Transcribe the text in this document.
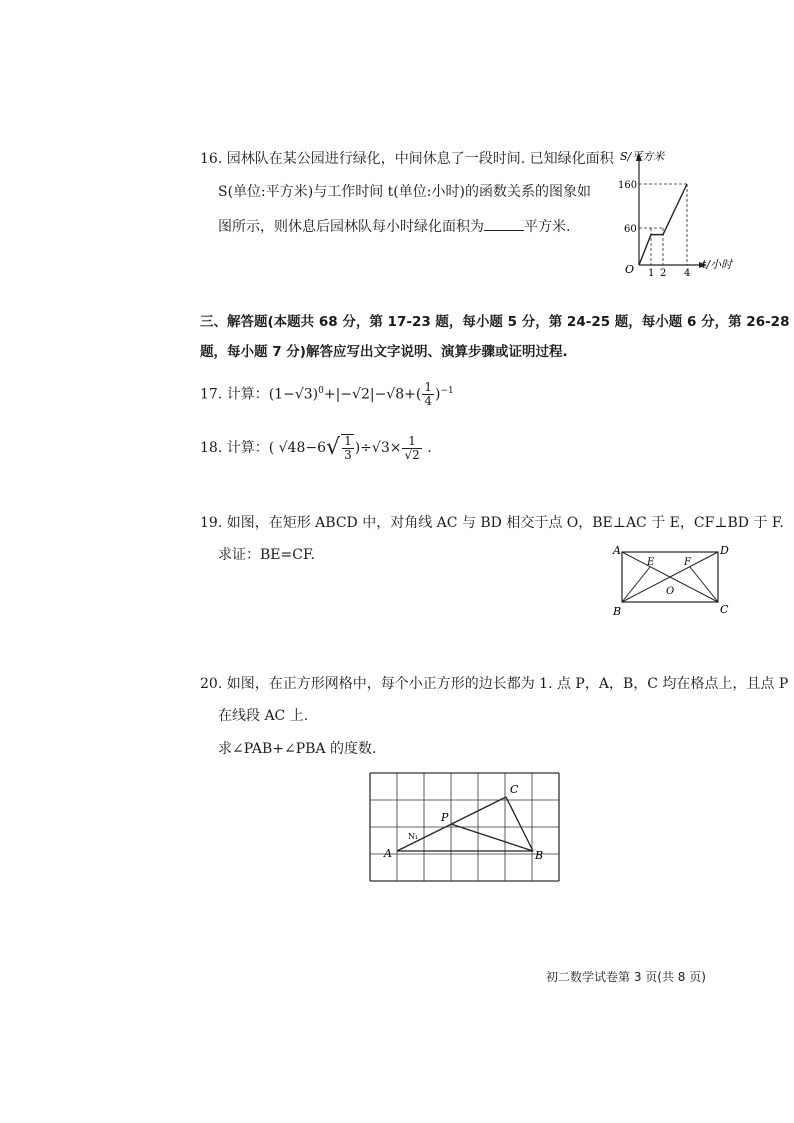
16. 园林队在某公园进行绿化，中间休息了一段时间. 已知绿化面积
S(单位:平方米)与工作时间 t(单位:小时)的函数关系的图象如
图所示，则休息后园林队每小时绿化面积为	平方米.
S/平方米
t/小时
O
160
60
1 2 4
三、解答题(本题共 68 分，第 17-23 题，每小题 5 分，第 24-25 题，每小题 6 分，第 26-28
题，每小题 7 分)解答应写出文字说明、演算步骤或证明过程.
17. 计算：$(1-√3)^0+|-√2|-√8+( \frac{1}{4} )^{-1}$
18. 计算：( $√48-6√ \frac{1}{3} )\div√3\times \frac{1}{√2}$ .
19. 如图，在矩形 ABCD 中，对角线 AC 与 BD 相交于点 O，BE⊥AC 于 E，CF⊥BD 于 F.
求证：BE=CF.	A	D
B	C
E	F
O
20. 如图，在正方形网格中，每个小正方形的边长都为 1. 点 P，A，B，C 均在格点上，且点 P
在线段 AC 上.
求∠PAB+∠PBA 的度数.
A	B
C
P
N₁
初二数学试卷第 3 页(共 8 页)
